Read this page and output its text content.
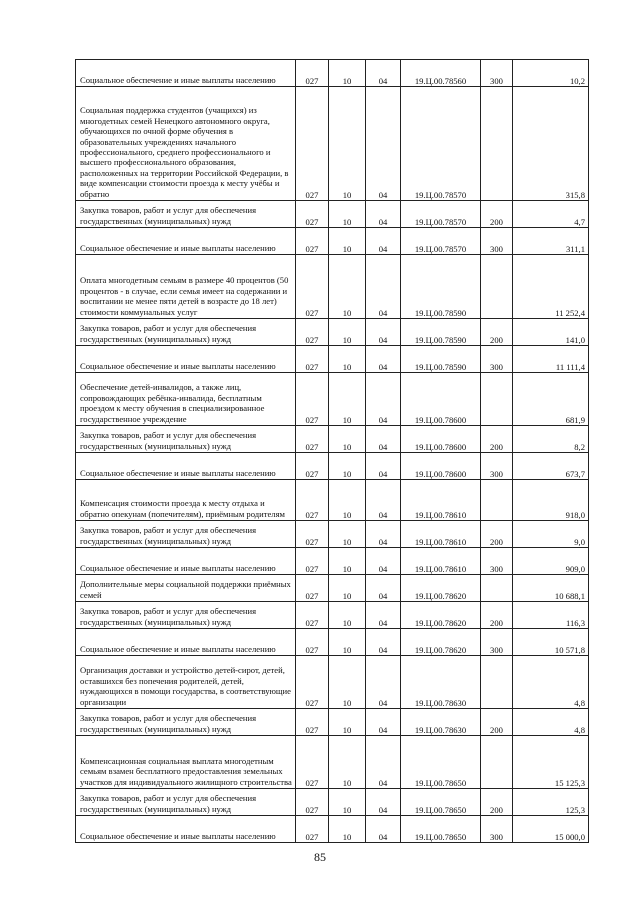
Социальное обеспечение и иные выплаты населению	027	10	04	19.Ц.00.78560	300	10,2
Социальная поддержка студентов (учащихся) из многодетных семей Ненецкого автономного округа, обучающихся по очной форме обучения в образовательных учреждениях начального профессионального, среднего профессионального и высшего профессионального образования, расположенных на территории Российской Федерации, в виде компенсации стоимости проезда к месту учёбы и обратно	027	10	04	19.Ц.00.78570		315,8
Закупка товаров, работ и услуг для обеспечения государственных (муниципальных) нужд	027	10	04	19.Ц.00.78570	200	4,7
Социальное обеспечение и иные выплаты населению	027	10	04	19.Ц.00.78570	300	311,1
Оплата многодетным семьям в размере 40 процентов (50 процентов - в случае, если семья имеет на содержании и воспитании не менее пяти детей в возрасте до 18 лет) стоимости коммунальных услуг	027	10	04	19.Ц.00.78590		11 252,4
Закупка товаров, работ и услуг для обеспечения государственных (муниципальных) нужд	027	10	04	19.Ц.00.78590	200	141,0
Социальное обеспечение и иные выплаты населению	027	10	04	19.Ц.00.78590	300	11 111,4
Обеспечение детей-инвалидов, а также лиц, сопровождающих ребёнка-инвалида, бесплатным проездом к месту обучения в специализированное государственное учреждение	027	10	04	19.Ц.00.78600		681,9
Закупка товаров, работ и услуг для обеспечения государственных (муниципальных) нужд	027	10	04	19.Ц.00.78600	200	8,2
Социальное обеспечение и иные выплаты населению	027	10	04	19.Ц.00.78600	300	673,7
Компенсация стоимости проезда к месту отдыха и обратно опекунам (попечителям), приёмным родителям	027	10	04	19.Ц.00.78610		918,0
Закупка товаров, работ и услуг для обеспечения государственных (муниципальных) нужд	027	10	04	19.Ц.00.78610	200	9,0
Социальное обеспечение и иные выплаты населению	027	10	04	19.Ц.00.78610	300	909,0
Дополнительные меры социальной поддержки приёмных семей	027	10	04	19.Ц.00.78620		10 688,1
Закупка товаров, работ и услуг для обеспечения государственных (муниципальных) нужд	027	10	04	19.Ц.00.78620	200	116,3
Социальное обеспечение и иные выплаты населению	027	10	04	19.Ц.00.78620	300	10 571,8
Организация доставки и устройство детей-сирот, детей, оставшихся без попечения родителей, детей, нуждающихся в помощи государства, в соответствующие организации	027	10	04	19.Ц.00.78630		4,8
Закупка товаров, работ и услуг для обеспечения государственных (муниципальных) нужд	027	10	04	19.Ц.00.78630	200	4,8
Компенсационная социальная выплата многодетным семьям взамен бесплатного предоставления земельных участков для индивидуального жилищного строительства	027	10	04	19.Ц.00.78650		15 125,3
Закупка товаров, работ и услуг для обеспечения государственных (муниципальных) нужд	027	10	04	19.Ц.00.78650	200	125,3
Социальное обеспечение и иные выплаты населению	027	10	04	19.Ц.00.78650	300	15 000,0
85
